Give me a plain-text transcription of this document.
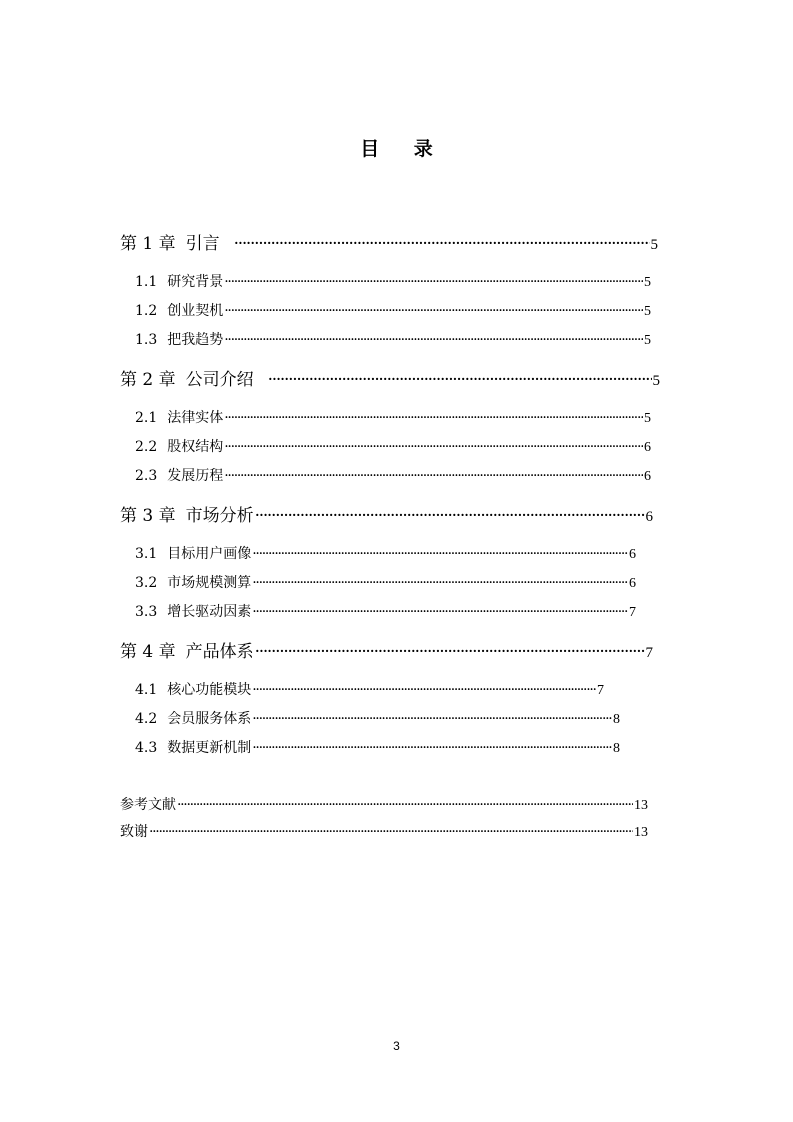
目 录
第 1 章 引言 ·····	5
1.1 研究背景 ·····	5
1.2 创业契机 ·····	5
1.3 把我趋势 ·····	5
第 2 章 公司介绍 ·····	5
2.1 法律实体 ·····	5
2.2 股权结构 ·····	6
2.3 发展历程 ·····	6
第 3 章 市场分析 ·····	6
3.1 目标用户画像 ·····	6
3.2 市场规模测算 ·····	6
3.3 增长驱动因素 ·····	7
第 4 章 产品体系 ·····	7
4.1 核心功能模块 ·····	7
4.2 会员服务体系 ·····	8
4.3 数据更新机制 ·····	8
参考文献 ·····	13
致谢 ·····	13
3
